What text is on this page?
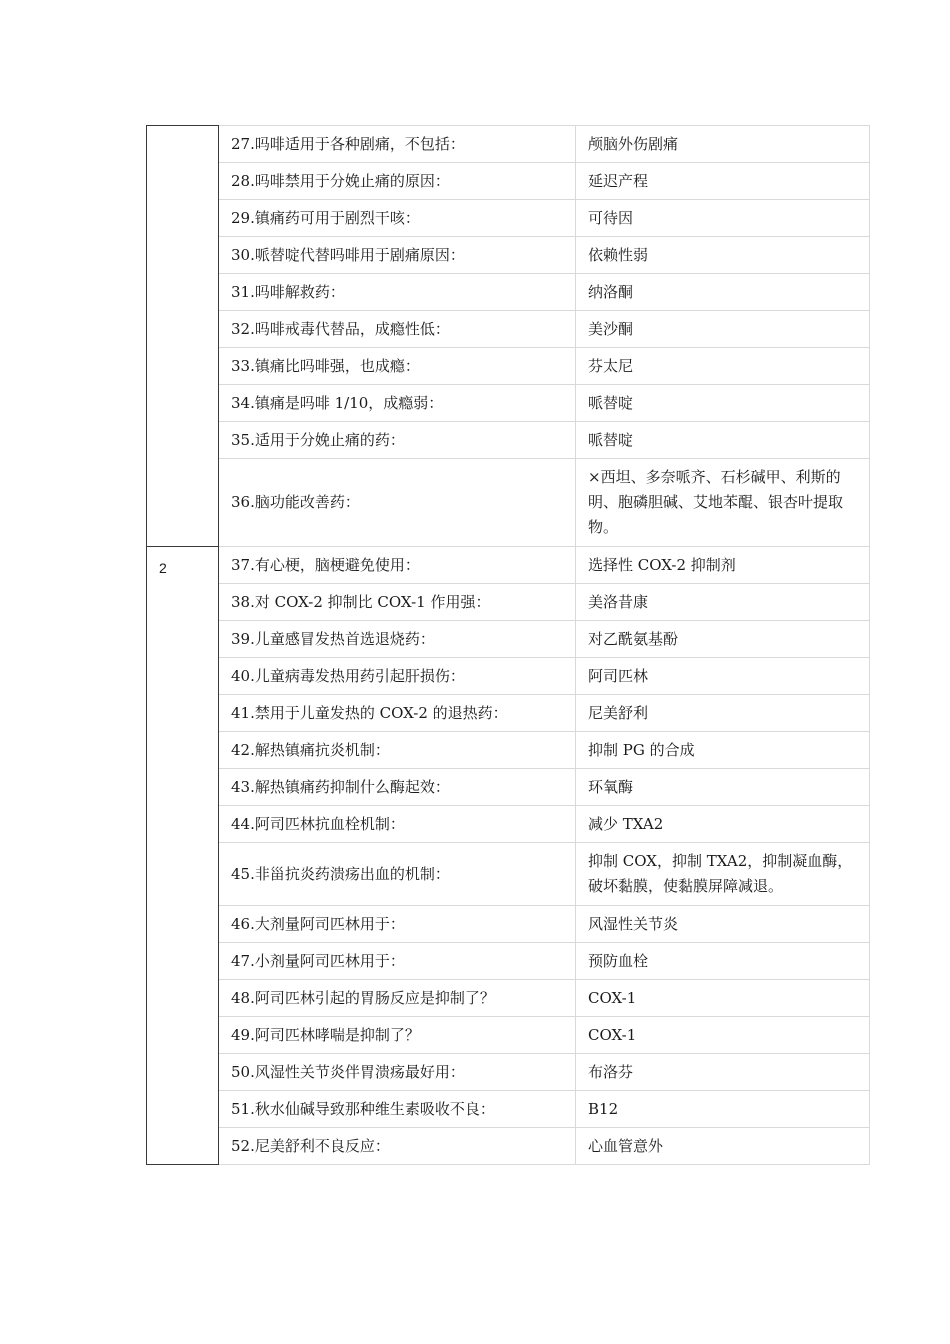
	27.吗啡适用于各种剧痛，不包括：	颅脑外伤剧痛
	28.吗啡禁用于分娩止痛的原因：	延迟产程
	29.镇痛药可用于剧烈干咳：	可待因
	30.哌替啶代替吗啡用于剧痛原因：	依赖性弱
	31.吗啡解救药：	纳洛酮
	32.吗啡戒毒代替品，成瘾性低：	美沙酮
	33.镇痛比吗啡强，也成瘾：	芬太尼
	34.镇痛是吗啡 1/10，成瘾弱：	哌替啶
	35.适用于分娩止痛的药：	哌替啶
	36.脑功能改善药：	×西坦、多奈哌齐、石杉碱甲、利斯的明、胞磷胆碱、艾地苯醌、银杏叶提取物。
2	37.有心梗，脑梗避免使用：	选择性 COX-2 抑制剂
	38.对 COX-2 抑制比 COX-1 作用强：	美洛昔康
	39.儿童感冒发热首选退烧药：	对乙酰氨基酚
	40.儿童病毒发热用药引起肝损伤：	阿司匹林
	41.禁用于儿童发热的 COX-2 的退热药：	尼美舒利
	42.解热镇痛抗炎机制：	抑制 PG 的合成
	43.解热镇痛药抑制什么酶起效：	环氧酶
	44.阿司匹林抗血栓机制：	减少 TXA2
	45.非甾抗炎药溃疡出血的机制：	抑制 COX，抑制 TXA2，抑制凝血酶，破坏黏膜，使黏膜屏障减退。
	46.大剂量阿司匹林用于：	风湿性关节炎
	47.小剂量阿司匹林用于：	预防血栓
	48.阿司匹林引起的胃肠反应是抑制了？	COX-1
	49.阿司匹林哮喘是抑制了？	COX-1
	50.风湿性关节炎伴胃溃疡最好用：	布洛芬
	51.秋水仙碱导致那种维生素吸收不良：	B12
	52.尼美舒利不良反应：	心血管意外
